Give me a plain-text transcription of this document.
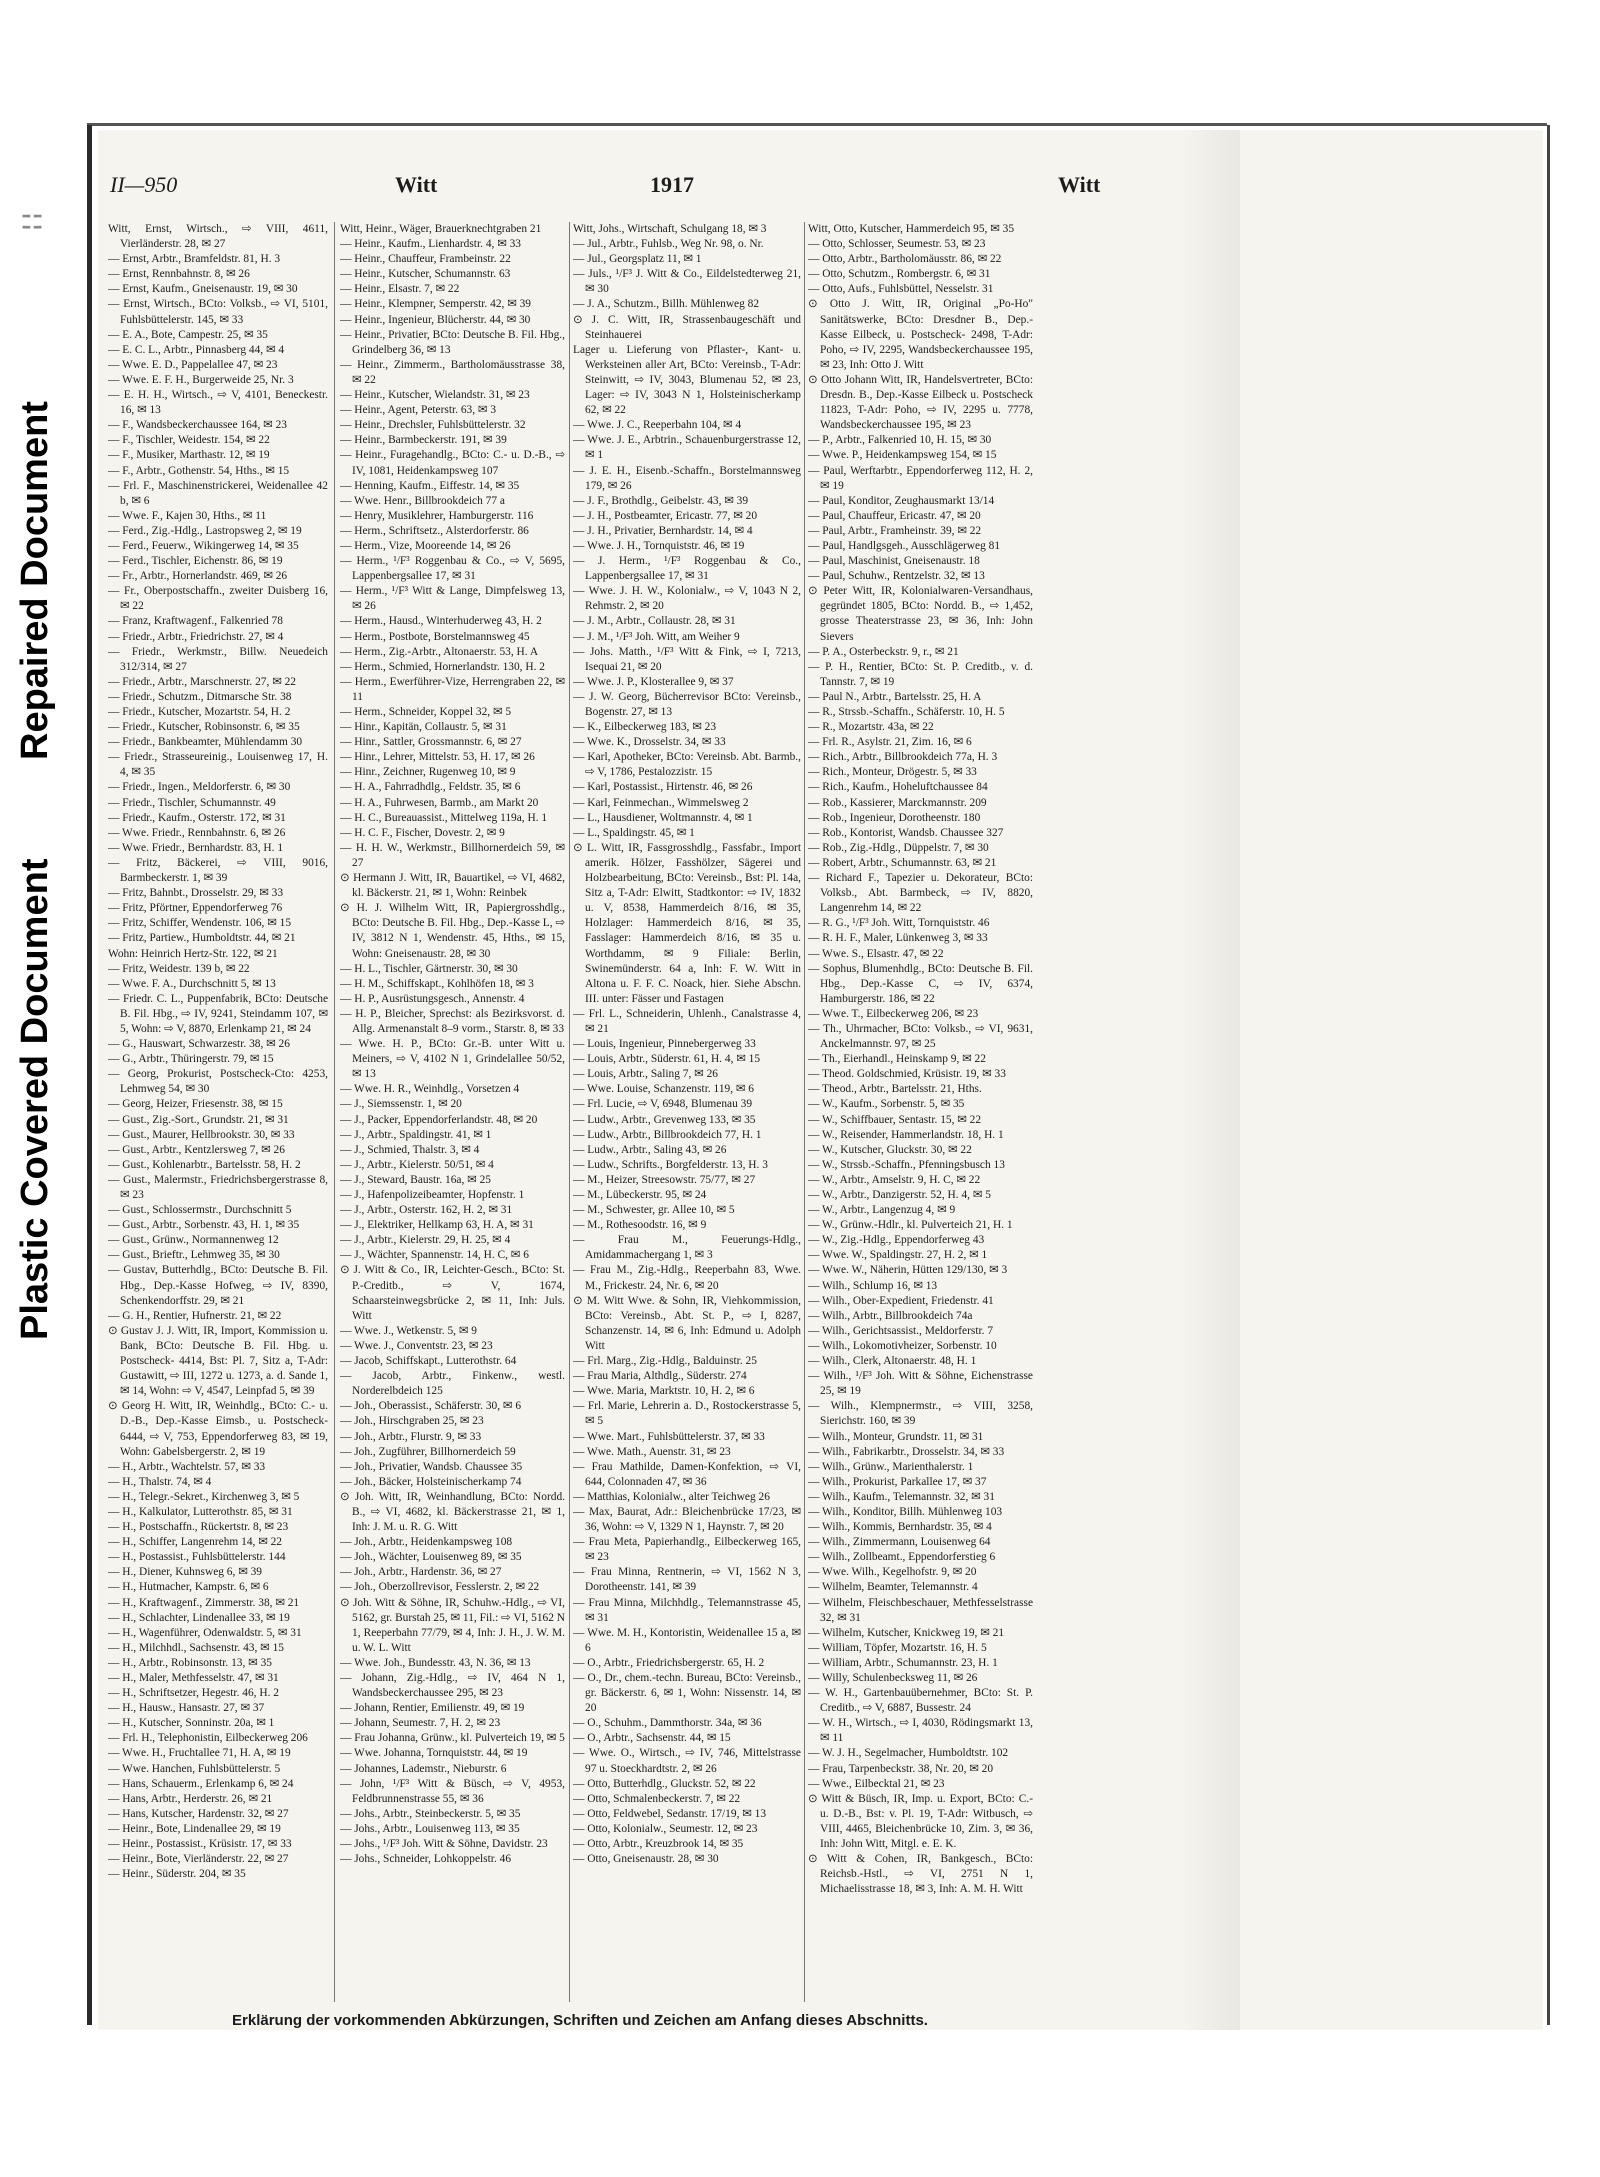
¦ ¦
Repaired Document
Plastic Covered Document
II—950	Witt	1917	Witt
Witt, Ernst, Wirtsch., ⇨ VIII, 4611, Vierländerstr. 28, ✉ 27
— Ernst, Arbtr., Bramfeldstr. 81, H. 3
— Ernst, Rennbahnstr. 8, ✉ 26
— Ernst, Kaufm., Gneisenaustr. 19, ✉ 30
— Ernst, Wirtsch., BCto: Volksb., ⇨ VI, 5101, Fuhlsbüttelerstr. 145, ✉ 33
— E. A., Bote, Campestr. 25, ✉ 35
— E. C. L., Arbtr., Pinnasberg 44, ✉ 4
— Wwe. E. D., Pappelallee 47, ✉ 23
— Wwe. E. F. H., Burgerweide 25, Nr. 3
— E. H. H., Wirtsch., ⇨ V, 4101, Beneckestr. 16, ✉ 13
— F., Wandsbeckerchaussee 164, ✉ 23
— F., Tischler, Weidestr. 154, ✉ 22
— F., Musiker, Marthastr. 12, ✉ 19
— F., Arbtr., Gothenstr. 54, Hths., ✉ 15
— Frl. F., Maschinenstrickerei, Weidenallee 42 b, ✉ 6
— Wwe. F., Kajen 30, Hths., ✉ 11
— Ferd., Zig.-Hdlg., Lastropsweg 2, ✉ 19
— Ferd., Feuerw., Wikingerweg 14, ✉ 35
— Ferd., Tischler, Eichenstr. 86, ✉ 19
— Fr., Arbtr., Hornerlandstr. 469, ✉ 26
— Fr., Oberpostschaffn., zweiter Duisberg 16, ✉ 22
— Franz, Kraftwagenf., Falkenried 78
— Friedr., Arbtr., Friedrichstr. 27, ✉ 4
— Friedr., Werkmstr., Billw. Neuedeich 312/314, ✉ 27
— Friedr., Arbtr., Marschnerstr. 27, ✉ 22
— Friedr., Schutzm., Ditmarsche Str. 38
— Friedr., Kutscher, Mozartstr. 54, H. 2
— Friedr., Kutscher, Robinsonstr. 6, ✉ 35
— Friedr., Bankbeamter, Mühlendamm 30
— Friedr., Strasseureinig., Louisenweg 17, H. 4, ✉ 35
— Friedr., Ingen., Meldorferstr. 6, ✉ 30
— Friedr., Tischler, Schumannstr. 49
— Friedr., Kaufm., Osterstr. 172, ✉ 31
— Wwe. Friedr., Rennbahnstr. 6, ✉ 26
— Wwe. Friedr., Bernhardstr. 83, H. 1
— Fritz, Bäckerei, ⇨ VIII, 9016, Barmbeckerstr. 1, ✉ 39
— Fritz, Bahnbt., Drosselstr. 29, ✉ 33
— Fritz, Pförtner, Eppendorferweg 76
— Fritz, Schiffer, Wendenstr. 106, ✉ 15
— Fritz, Partiew., Humboldtstr. 44, ✉ 21
Wohn: Heinrich Hertz-Str. 122, ✉ 21
— Fritz, Weidestr. 139 b, ✉ 22
— Wwe. F. A., Durchschnitt 5, ✉ 13
— Friedr. C. L., Puppenfabrik, BCto: Deutsche B. Fil. Hbg., ⇨ IV, 9241, Steindamm 107, ✉ 5, Wohn: ⇨ V, 8870, Erlenkamp 21, ✉ 24
— G., Hauswart, Schwarzestr. 38, ✉ 26
— G., Arbtr., Thüringerstr. 79, ✉ 15
— Georg, Prokurist, Postscheck-Cto: 4253, Lehmweg 54, ✉ 30
— Georg, Heizer, Friesenstr. 38, ✉ 15
— Gust., Zig.-Sort., Grundstr. 21, ✉ 31
— Gust., Maurer, Hellbrookstr. 30, ✉ 33
— Gust., Arbtr., Kentzlersweg 7, ✉ 26
— Gust., Kohlenarbtr., Bartelsstr. 58, H. 2
— Gust., Malermstr., Friedrichsbergerstrasse 8, ✉ 23
— Gust., Schlossermstr., Durchschnitt 5
— Gust., Arbtr., Sorbenstr. 43, H. 1, ✉ 35
— Gust., Grünw., Normannenweg 12
— Gust., Brieftr., Lehmweg 35, ✉ 30
— Gustav, Butterhdlg., BCto: Deutsche B. Fil. Hbg., Dep.-Kasse Hofweg, ⇨ IV, 8390, Schenkendorffstr. 29, ✉ 21
— G. H., Rentier, Hufnerstr. 21, ✉ 22
⊙ Gustav J. J. Witt, IR, Import, Kommission u. Bank, BCto: Deutsche B. Fil. Hbg. u. Postscheck- 4414, Bst: Pl. 7, Sitz a, T-Adr: Gustawitt, ⇨ III, 1272 u. 1273, a. d. Sande 1, ✉ 14, Wohn: ⇨ V, 4547, Leinpfad 5, ✉ 39
⊙ Georg H. Witt, IR, Weinhdlg., BCto: C.- u. D.-B., Dep.-Kasse Eimsb., u. Postscheck- 6444, ⇨ V, 753, Eppendorferweg 83, ✉ 19, Wohn: Gabelsbergerstr. 2, ✉ 19
— H., Arbtr., Wachtelstr. 57, ✉ 33
— H., Thalstr. 74, ✉ 4
— H., Telegr.-Sekret., Kirchenweg 3, ✉ 5
— H., Kalkulator, Lutterothstr. 85, ✉ 31
— H., Postschaffn., Rückertstr. 8, ✉ 23
— H., Schiffer, Langenrehm 14, ✉ 22
— H., Postassist., Fuhlsbüttelerstr. 144
— H., Diener, Kuhnsweg 6, ✉ 39
— H., Hutmacher, Kampstr. 6, ✉ 6
— H., Kraftwagenf., Zimmerstr. 38, ✉ 21
— H., Schlachter, Lindenallee 33, ✉ 19
— H., Wagenführer, Odenwaldstr. 5, ✉ 31
— H., Milchhdl., Sachsenstr. 43, ✉ 15
— H., Arbtr., Robinsonstr. 13, ✉ 35
— H., Maler, Methfesselstr. 47, ✉ 31
— H., Schriftsetzer, Hegestr. 46, H. 2
— H., Hausw., Hansastr. 27, ✉ 37
— H., Kutscher, Sonninstr. 20a, ✉ 1
— Frl. H., Telephonistin, Eilbeckerweg 206
— Wwe. H., Fruchtallee 71, H. A, ✉ 19
— Wwe. Hanchen, Fuhlsbüttelerstr. 5
— Hans, Schauerm., Erlenkamp 6, ✉ 24
— Hans, Arbtr., Herderstr. 26, ✉ 21
— Hans, Kutscher, Hardenstr. 32, ✉ 27
— Heinr., Bote, Lindenallee 29, ✉ 19
— Heinr., Postassist., Krüsistr. 17, ✉ 33
— Heinr., Bote, Vierländerstr. 22, ✉ 27
— Heinr., Süderstr. 204, ✉ 35
Witt, Heinr., Wäger, Brauerknechtgraben 21
— Heinr., Kaufm., Lienhardstr. 4, ✉ 33
— Heinr., Chauffeur, Frambeinstr. 22
— Heinr., Kutscher, Schumannstr. 63
— Heinr., Elsastr. 7, ✉ 22
— Heinr., Klempner, Semperstr. 42, ✉ 39
— Heinr., Ingenieur, Blücherstr. 44, ✉ 30
— Heinr., Privatier, BCto: Deutsche B. Fil. Hbg., Grindelberg 36, ✉ 13
— Heinr., Zimmerm., Bartholomäusstrasse 38, ✉ 22
— Heinr., Kutscher, Wielandstr. 31, ✉ 23
— Heinr., Agent, Peterstr. 63, ✉ 3
— Heinr., Drechsler, Fuhlsbüttelerstr. 32
— Heinr., Barmbeckerstr. 191, ✉ 39
— Heinr., Furagehandlg., BCto: C.- u. D.-B., ⇨ IV, 1081, Heidenkampsweg 107
— Henning, Kaufm., Eiffestr. 14, ✉ 35
— Wwe. Henr., Billbrookdeich 77 a
— Henry, Musiklehrer, Hamburgerstr. 116
— Herm., Schriftsetz., Alsterdorferstr. 86
— Herm., Vize, Mooreende 14, ✉ 26
— Herm., ¹/F³ Roggenbau & Co., ⇨ V, 5695, Lappenbergsallee 17, ✉ 31
— Herm., ¹/F³ Witt & Lange, Dimpfelsweg 13, ✉ 26
— Herm., Hausd., Winterhuderweg 43, H. 2
— Herm., Postbote, Borstelmannsweg 45
— Herm., Zig.-Arbtr., Altonaerstr. 53, H. A
— Herm., Schmied, Hornerlandstr. 130, H. 2
— Herm., Ewerführer-Vize, Herrengraben 22, ✉ 11
— Herm., Schneider, Koppel 32, ✉ 5
— Hinr., Kapitän, Collaustr. 5, ✉ 31
— Hinr., Sattler, Grossmannstr. 6, ✉ 27
— Hinr., Lehrer, Mittelstr. 53, H. 17, ✉ 26
— Hinr., Zeichner, Rugenweg 10, ✉ 9
— H. A., Fahrradhdlg., Feldstr. 35, ✉ 6
— H. A., Fuhrwesen, Barmb., am Markt 20
— H. C., Bureauassist., Mittelweg 119a, H. 1
— H. C. F., Fischer, Dovestr. 2, ✉ 9
— H. H. W., Werkmstr., Billhornerdeich 59, ✉ 27
⊙ Hermann J. Witt, IR, Bauartikel, ⇨ VI, 4682, kl. Bäckerstr. 21, ✉ 1, Wohn: Reinbek
⊙ H. J. Wilhelm Witt, IR, Papiergrosshdlg., BCto: Deutsche B. Fil. Hbg., Dep.-Kasse L, ⇨ IV, 3812 N 1, Wendenstr. 45, Hths., ✉ 15, Wohn: Gneisenaustr. 28, ✉ 30
— H. L., Tischler, Gärtnerstr. 30, ✉ 30
— H. M., Schiffskapt., Kohlhöfen 18, ✉ 3
— H. P., Ausrüstungsgesch., Annenstr. 4
— H. P., Bleicher, Sprechst: als Bezirksvorst. d. Allg. Armenanstalt 8–9 vorm., Starstr. 8, ✉ 33
— Wwe. H. P., BCto: Gr.-B. unter Witt u. Meiners, ⇨ V, 4102 N 1, Grindelallee 50/52, ✉ 13
— Wwe. H. R., Weinhdlg., Vorsetzen 4
— J., Siemssenstr. 1, ✉ 20
— J., Packer, Eppendorferlandstr. 48, ✉ 20
— J., Arbtr., Spaldingstr. 41, ✉ 1
— J., Schmied, Thalstr. 3, ✉ 4
— J., Arbtr., Kielerstr. 50/51, ✉ 4
— J., Steward, Baustr. 16a, ✉ 25
— J., Hafenpolizeibeamter, Hopfenstr. 1
— J., Arbtr., Osterstr. 162, H. 2, ✉ 31
— J., Elektriker, Hellkamp 63, H. A, ✉ 31
— J., Arbtr., Kielerstr. 29, H. 25, ✉ 4
— J., Wächter, Spannenstr. 14, H. C, ✉ 6
⊙ J. Witt & Co., IR, Leichter-Gesch., BCto: St. P.-Creditb., ⇨ V, 1674, Schaarsteinwegsbrücke 2, ✉ 11, Inh: Juls. Witt
— Wwe. J., Wetkenstr. 5, ✉ 9
— Wwe. J., Conventstr. 23, ✉ 23
— Jacob, Schiffskapt., Lutterothstr. 64
— Jacob, Arbtr., Finkenw., westl. Norderelbdeich 125
— Joh., Oberassist., Schäferstr. 30, ✉ 6
— Joh., Hirschgraben 25, ✉ 23
— Joh., Arbtr., Flurstr. 9, ✉ 33
— Joh., Zugführer, Billhornerdeich 59
— Joh., Privatier, Wandsb. Chaussee 35
— Joh., Bäcker, Holsteinischerkamp 74
⊙ Joh. Witt, IR, Weinhandlung, BCto: Nordd. B., ⇨ VI, 4682, kl. Bäckerstrasse 21, ✉ 1, Inh: J. M. u. R. G. Witt
— Joh., Arbtr., Heidenkampsweg 108
— Joh., Wächter, Louisenweg 89, ✉ 35
— Joh., Arbtr., Hardenstr. 36, ✉ 27
— Joh., Oberzollrevisor, Fesslerstr. 2, ✉ 22
⊙ Joh. Witt & Söhne, IR, Schuhw.-Hdlg., ⇨ VI, 5162, gr. Burstah 25, ✉ 11, Fil.: ⇨ VI, 5162 N 1, Reeperbahn 77/79, ✉ 4, Inh: J. H., J. W. M. u. W. L. Witt
— Wwe. Joh., Bundesstr. 43, N. 36, ✉ 13
— Johann, Zig.-Hdlg., ⇨ IV, 464 N 1, Wandsbeckerchaussee 295, ✉ 23
— Johann, Rentier, Emilienstr. 49, ✉ 19
— Johann, Seumestr. 7, H. 2, ✉ 23
— Frau Johanna, Grünw., kl. Pulverteich 19, ✉ 5
— Wwe. Johanna, Tornquiststr. 44, ✉ 19
— Johannes, Lademstr., Nieburstr. 6
— John, ¹/F³ Witt & Büsch, ⇨ V, 4953, Feldbrunnenstrasse 55, ✉ 36
— Johs., Arbtr., Steinbeckerstr. 5, ✉ 35
— Johs., Arbtr., Louisenweg 113, ✉ 35
— Johs., ¹/F³ Joh. Witt & Söhne, Davidstr. 23
— Johs., Schneider, Lohkoppelstr. 46
Witt, Johs., Wirtschaft, Schulgang 18, ✉ 3
— Jul., Arbtr., Fuhlsb., Weg Nr. 98, o. Nr.
— Jul., Georgsplatz 11, ✉ 1
— Juls., ¹/F³ J. Witt & Co., Eildelstedterweg 21, ✉ 30
— J. A., Schutzm., Billh. Mühlenweg 82
⊙ J. C. Witt, IR, Strassenbaugeschäft und Steinhauerei
Lager u. Lieferung von Pflaster-, Kant- u. Werksteinen aller Art, BCto: Vereinsb., T-Adr: Steinwitt, ⇨ IV, 3043, Blumenau 52, ✉ 23, Lager: ⇨ IV, 3043 N 1, Holsteinischerkamp 62, ✉ 22
— Wwe. J. C., Reeperbahn 104, ✉ 4
— Wwe. J. E., Arbtrin., Schauenburgerstrasse 12, ✉ 1
— J. E. H., Eisenb.-Schaffn., Borstelmannsweg 179, ✉ 26
— J. F., Brothdlg., Geibelstr. 43, ✉ 39
— J. H., Postbeamter, Ericastr. 77, ✉ 20
— J. H., Privatier, Bernhardstr. 14, ✉ 4
— Wwe. J. H., Tornquiststr. 46, ✉ 19
— J. Herm., ¹/F³ Roggenbau & Co., Lappenbergsallee 17, ✉ 31
— Wwe. J. H. W., Kolonialw., ⇨ V, 1043 N 2, Rehmstr. 2, ✉ 20
— J. M., Arbtr., Collaustr. 28, ✉ 31
— J. M., ¹/F³ Joh. Witt, am Weiher 9
— Johs. Matth., ¹/F³ Witt & Fink, ⇨ I, 7213, Isequai 21, ✉ 20
— Wwe. J. P., Klosterallee 9, ✉ 37
— J. W. Georg, Bücherrevisor BCto: Vereinsb., Bogenstr. 27, ✉ 13
— K., Eilbeckerweg 183, ✉ 23
— Wwe. K., Drosselstr. 34, ✉ 33
— Karl, Apotheker, BCto: Vereinsb. Abt. Barmb., ⇨ V, 1786, Pestalozzistr. 15
— Karl, Postassist., Hirtenstr. 46, ✉ 26
— Karl, Feinmechan., Wimmelsweg 2
— L., Hausdiener, Woltmannstr. 4, ✉ 1
— L., Spaldingstr. 45, ✉ 1
⊙ L. Witt, IR, Fassgrosshdlg., Fassfabr., Import amerik. Hölzer, Fasshölzer, Sägerei und Holzbearbeitung, BCto: Vereinsb., Bst: Pl. 14a, Sitz a, T-Adr: Elwitt, Stadtkontor: ⇨ IV, 1832 u. V, 8538, Hammerdeich 8/16, ✉ 35, Holzlager: Hammerdeich 8/16, ✉ 35, Fasslager: Hammerdeich 8/16, ✉ 35 u. Worthdamm, ✉ 9 Filiale: Berlin, Swinemünderstr. 64 a, Inh: F. W. Witt in Altona u. F. F. C. Noack, hier. Siehe Abschn. III. unter: Fässer und Fastagen
— Frl. L., Schneiderin, Uhlenh., Canalstrasse 4, ✉ 21
— Louis, Ingenieur, Pinnebergerweg 33
— Louis, Arbtr., Süderstr. 61, H. 4, ✉ 15
— Louis, Arbtr., Saling 7, ✉ 26
— Wwe. Louise, Schanzenstr. 119, ✉ 6
— Frl. Lucie, ⇨ V, 6948, Blumenau 39
— Ludw., Arbtr., Grevenweg 133, ✉ 35
— Ludw., Arbtr., Billbrookdeich 77, H. 1
— Ludw., Arbtr., Saling 43, ✉ 26
— Ludw., Schrifts., Borgfelderstr. 13, H. 3
— M., Heizer, Streesowstr. 75/77, ✉ 27
— M., Lübeckerstr. 95, ✉ 24
— M., Schwester, gr. Allee 10, ✉ 5
— M., Rothesoodstr. 16, ✉ 9
— Frau M., Feuerungs-Hdlg., Amidammachergang 1, ✉ 3
— Frau M., Zig.-Hdlg., Reeperbahn 83, Wwe. M., Frickestr. 24, Nr. 6, ✉ 20
⊙ M. Witt Wwe. & Sohn, IR, Viehkommission, BCto: Vereinsb., Abt. St. P., ⇨ I, 8287, Schanzenstr. 14, ✉ 6, Inh: Edmund u. Adolph Witt
— Frl. Marg., Zig.-Hdlg., Balduinstr. 25
— Frau Maria, Althdlg., Süderstr. 274
— Wwe. Maria, Marktstr. 10, H. 2, ✉ 6
— Frl. Marie, Lehrerin a. D., Rostockerstrasse 5, ✉ 5
— Wwe. Mart., Fuhlsbüttelerstr. 37, ✉ 33
— Wwe. Math., Auenstr. 31, ✉ 23
— Frau Mathilde, Damen-Konfektion, ⇨ VI, 644, Colonnaden 47, ✉ 36
— Matthias, Kolonialw., alter Teichweg 26
— Max, Baurat, Adr.: Bleichenbrücke 17/23, ✉ 36, Wohn: ⇨ V, 1329 N 1, Haynstr. 7, ✉ 20
— Frau Meta, Papierhandlg., Eilbeckerweg 165, ✉ 23
— Frau Minna, Rentnerin, ⇨ VI, 1562 N 3, Dorotheenstr. 141, ✉ 39
— Frau Minna, Milchhdlg., Telemannstrasse 45, ✉ 31
— Wwe. M. H., Kontoristin, Weidenallee 15 a, ✉ 6
— O., Arbtr., Friedrichsbergerstr. 65, H. 2
— O., Dr., chem.-techn. Bureau, BCto: Vereinsb., gr. Bäckerstr. 6, ✉ 1, Wohn: Nissenstr. 14, ✉ 20
— O., Schuhm., Dammthorstr. 34a, ✉ 36
— O., Arbtr., Sachsenstr. 44, ✉ 15
— Wwe. O., Wirtsch., ⇨ IV, 746, Mittelstrasse 97 u. Stoeckhardtstr. 2, ✉ 26
— Otto, Butterhdlg., Gluckstr. 52, ✉ 22
— Otto, Schmalenbeckerstr. 7, ✉ 22
— Otto, Feldwebel, Sedanstr. 17/19, ✉ 13
— Otto, Kolonialw., Seumestr. 12, ✉ 23
— Otto, Arbtr., Kreuzbrook 14, ✉ 35
— Otto, Gneisenaustr. 28, ✉ 30
Witt, Otto, Kutscher, Hammerdeich 95, ✉ 35
— Otto, Schlosser, Seumestr. 53, ✉ 23
— Otto, Arbtr., Bartholomäusstr. 86, ✉ 22
— Otto, Schutzm., Rombergstr. 6, ✉ 31
— Otto, Aufs., Fuhlsbüttel, Nesselstr. 31
⊙ Otto J. Witt, IR, Original „Po-Ho" Sanitätswerke, BCto: Dresdner B., Dep.-Kasse Eilbeck, u. Postscheck- 2498, T-Adr: Poho, ⇨ IV, 2295, Wandsbeckerchaussee 195, ✉ 23, Inh: Otto J. Witt
⊙ Otto Johann Witt, IR, Handelsvertreter, BCto: Dresdn. B., Dep.-Kasse Eilbeck u. Postscheck 11823, T-Adr: Poho, ⇨ IV, 2295 u. 7778, Wandsbeckerchaussee 195, ✉ 23
— P., Arbtr., Falkenried 10, H. 15, ✉ 30
— Wwe. P., Heidenkampsweg 154, ✉ 15
— Paul, Werftarbtr., Eppendorferweg 112, H. 2, ✉ 19
— Paul, Konditor, Zeughausmarkt 13/14
— Paul, Chauffeur, Ericastr. 47, ✉ 20
— Paul, Arbtr., Framheinstr. 39, ✉ 22
— Paul, Handlgsgeh., Ausschlägerweg 81
— Paul, Maschinist, Gneisenaustr. 18
— Paul, Schuhw., Rentzelstr. 32, ✉ 13
⊙ Peter Witt, IR, Kolonialwaren-Versandhaus, gegründet 1805, BCto: Nordd. B., ⇨ 1,452, grosse Theaterstrasse 23, ✉ 36, Inh: John Sievers
— P. A., Osterbeckstr. 9, r., ✉ 21
— P. H., Rentier, BCto: St. P. Creditb., v. d. Tannstr. 7, ✉ 19
— Paul N., Arbtr., Bartelsstr. 25, H. A
— R., Strssb.-Schaffn., Schäferstr. 10, H. 5
— R., Mozartstr. 43a, ✉ 22
— Frl. R., Asylstr. 21, Zim. 16, ✉ 6
— Rich., Arbtr., Billbrookdeich 77a, H. 3
— Rich., Monteur, Drögestr. 5, ✉ 33
— Rich., Kaufm., Hoheluftchaussee 84
— Rob., Kassierer, Marckmannstr. 209
— Rob., Ingenieur, Dorotheenstr. 180
— Rob., Kontorist, Wandsb. Chaussee 327
— Rob., Zig.-Hdlg., Düppelstr. 7, ✉ 30
— Robert, Arbtr., Schumannstr. 63, ✉ 21
— Richard F., Tapezier u. Dekorateur, BCto: Volksb., Abt. Barmbeck, ⇨ IV, 8820, Langenrehm 14, ✉ 22
— R. G., ¹/F³ Joh. Witt, Tornquiststr. 46
— R. H. F., Maler, Lünkenweg 3, ✉ 33
— Wwe. S., Elsastr. 47, ✉ 22
— Sophus, Blumenhdlg., BCto: Deutsche B. Fil. Hbg., Dep.-Kasse C, ⇨ IV, 6374, Hamburgerstr. 186, ✉ 22
— Wwe. T., Eilbeckerweg 206, ✉ 23
— Th., Uhrmacher, BCto: Volksb., ⇨ VI, 9631, Anckelmannstr. 97, ✉ 25
— Th., Eierhandl., Heinskamp 9, ✉ 22
— Theod. Goldschmied, Krüsistr. 19, ✉ 33
— Theod., Arbtr., Bartelsstr. 21, Hths.
— W., Kaufm., Sorbenstr. 5, ✉ 35
— W., Schiffbauer, Sentastr. 15, ✉ 22
— W., Reisender, Hammerlandstr. 18, H. 1
— W., Kutscher, Gluckstr. 30, ✉ 22
— W., Strssb.-Schaffn., Pfenningsbusch 13
— W., Arbtr., Amselstr. 9, H. C, ✉ 22
— W., Arbtr., Danzigerstr. 52, H. 4, ✉ 5
— W., Arbtr., Langenzug 4, ✉ 9
— W., Grünw.-Hdlr., kl. Pulverteich 21, H. 1
— W., Zig.-Hdlg., Eppendorferweg 43
— Wwe. W., Spaldingstr. 27, H. 2, ✉ 1
— Wwe. W., Näherin, Hütten 129/130, ✉ 3
— Wilh., Schlump 16, ✉ 13
— Wilh., Ober-Expedient, Friedenstr. 41
— Wilh., Arbtr., Billbrookdeich 74a
— Wilh., Gerichtsassist., Meldorferstr. 7
— Wilh., Lokomotivheizer, Sorbenstr. 10
— Wilh., Clerk, Altonaerstr. 48, H. 1
— Wilh., ¹/F³ Joh. Witt & Söhne, Eichenstrasse 25, ✉ 19
— Wilh., Klempnermstr., ⇨ VIII, 3258, Sierichstr. 160, ✉ 39
— Wilh., Monteur, Grundstr. 11, ✉ 31
— Wilh., Fabrikarbtr., Drosselstr. 34, ✉ 33
— Wilh., Grünw., Marienthalerstr. 1
— Wilh., Prokurist, Parkallee 17, ✉ 37
— Wilh., Kaufm., Telemannstr. 32, ✉ 31
— Wilh., Konditor, Billh. Mühlenweg 103
— Wilh., Kommis, Bernhardstr. 35, ✉ 4
— Wilh., Zimmermann, Louisenweg 64
— Wilh., Zollbeamt., Eppendorferstieg 6
— Wwe. Wilh., Kegelhofstr. 9, ✉ 20
— Wilhelm, Beamter, Telemannstr. 4
— Wilhelm, Fleischbeschauer, Methfesselstrasse 32, ✉ 31
— Wilhelm, Kutscher, Knickweg 19, ✉ 21
— William, Töpfer, Mozartstr. 16, H. 5
— William, Arbtr., Schumannstr. 23, H. 1
— Willy, Schulenbecksweg 11, ✉ 26
— W. H., Gartenbauübernehmer, BCto: St. P. Creditb., ⇨ V, 6887, Bussestr. 24
— W. H., Wirtsch., ⇨ I, 4030, Rödingsmarkt 13, ✉ 11
— W. J. H., Segelmacher, Humboldtstr. 102
— Frau, Tarpenbeckstr. 38, Nr. 20, ✉ 20
— Wwe., Eilbecktal 21, ✉ 23
⊙ Witt & Büsch, IR, Imp. u. Export, BCto: C.- u. D.-B., Bst: v. Pl. 19, T-Adr: Witbusch, ⇨ VIII, 4465, Bleichenbrücke 10, Zim. 3, ✉ 36, Inh: John Witt, Mitgl. e. E. K.
⊙ Witt & Cohen, IR, Bankgesch., BCto: Reichsb.-Hstl., ⇨ VI, 2751 N 1, Michaelisstrasse 18, ✉ 3, Inh: A. M. H. Witt
Erklärung der vorkommenden Abkürzungen, Schriften und Zeichen am Anfang dieses Abschnitts.
